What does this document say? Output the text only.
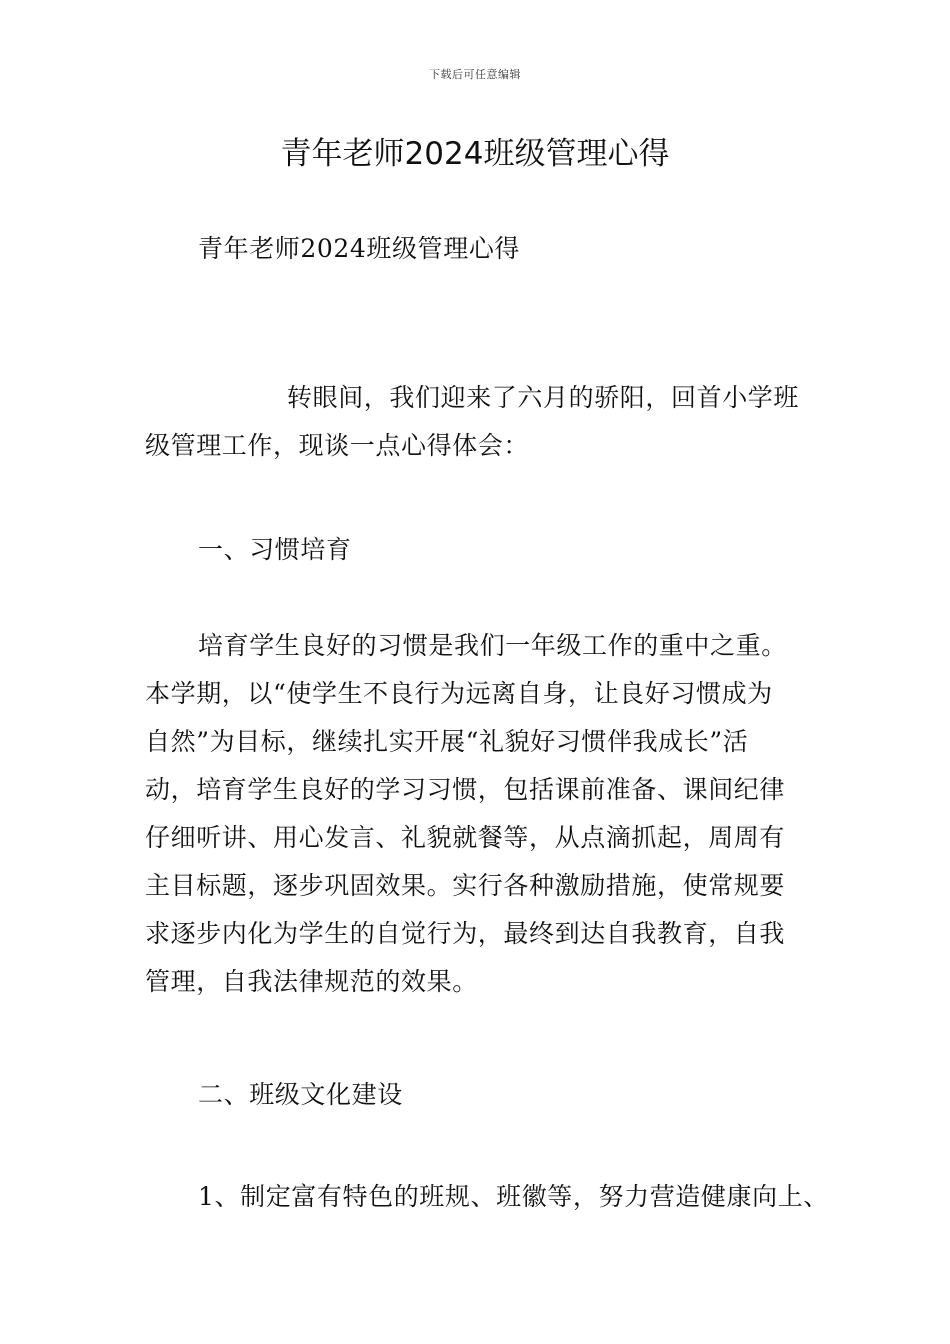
下载后可任意编辑
青年老师2024班级管理心得
青年老师2024班级管理心得
转眼间，我们迎来了六月的骄阳，回首小学班
级管理工作，现谈一点心得体会：
一、习惯培育
培育学生良好的习惯是我们一年级工作的重中之重。
本学期，以“使学生不良行为远离自身，让良好习惯成为
自然”为目标，继续扎实开展“礼貌好习惯伴我成长”活
动，培育学生良好的学习习惯，包括课前准备、课间纪律
仔细听讲、用心发言、礼貌就餐等，从点滴抓起，周周有
主目标题，逐步巩固效果。实行各种激励措施，使常规要
求逐步内化为学生的自觉行为，最终到达自我教育，自我
管理，自我法律规范的效果。
二、班级文化建设
1、制定富有特色的班规、班徽等，努力营造健康向上、
